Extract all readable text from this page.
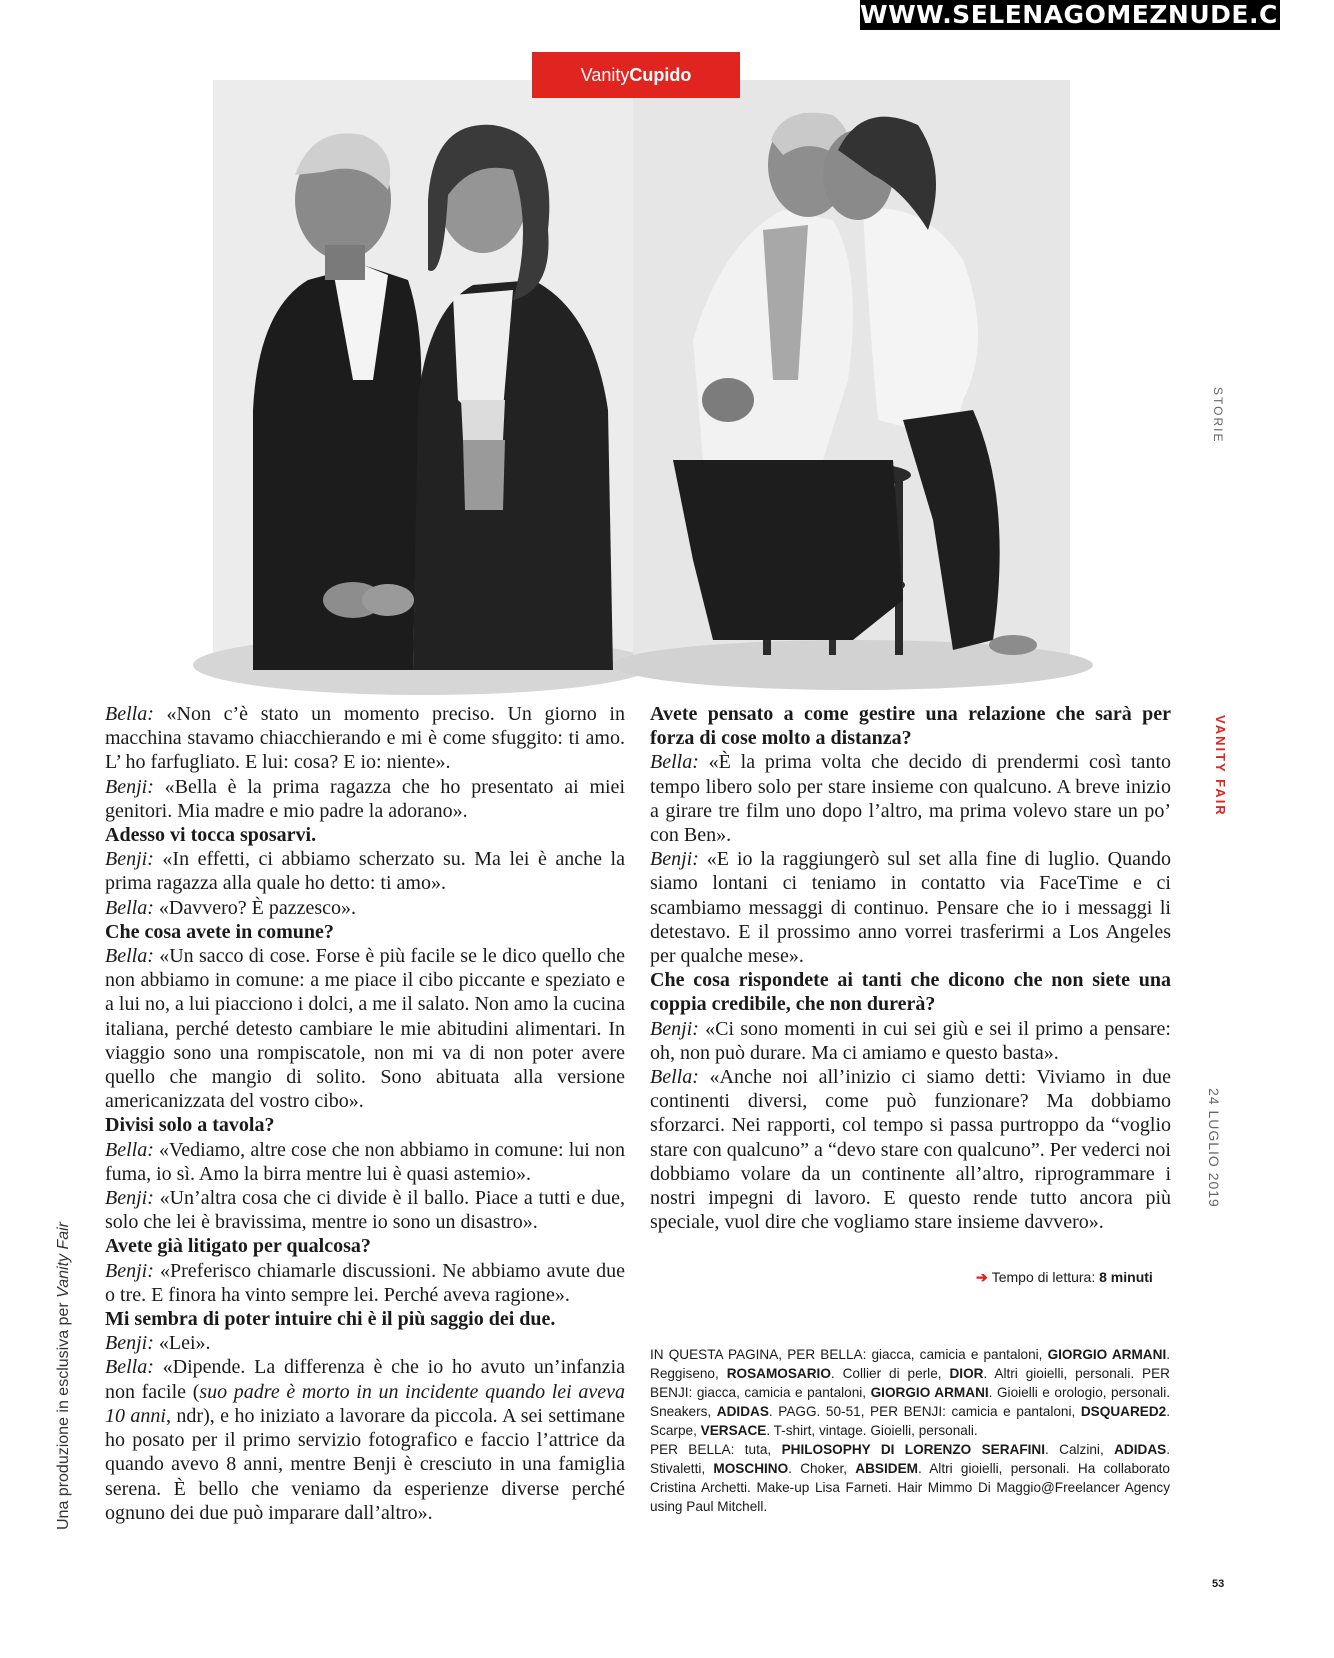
WWW.SELENAGOMEZNUDE.CLUB
VanityCupido
STORIE
VANITY FAIR
24 LUGLIO 2019
Una produzione in esclusiva per Vanity Fair

Bella: «Non c’è stato un momento preciso. Un giorno in macchina stavamo chiacchierando e mi è come sfuggito: ti amo. L’ ho farfugliato. E lui: cosa? E io: niente».

Benji: «Bella è la prima ragazza che ho presentato ai miei genitori. Mia madre e mio padre la adorano».

Adesso vi tocca sposarvi.

Benji: «In effetti, ci abbiamo scherzato su. Ma lei è anche la prima ragazza alla quale ho detto: ti amo».

Bella: «Davvero? È pazzesco».

Che cosa avete in comune?

Bella: «Un sacco di cose. Forse è più facile se le dico quello che non abbiamo in comune: a me piace il cibo piccante e speziato e a lui no, a lui piacciono i dolci, a me il salato. Non amo la cucina italiana, perché detesto cambiare le mie abitudini alimentari. In viaggio sono una rompiscatole, non mi va di non poter avere quello che mangio di solito. Sono abituata alla versione americanizzata del vostro cibo».

Divisi solo a tavola?

Bella: «Vediamo, altre cose che non abbiamo in comune: lui non fuma, io sì. Amo la birra mentre lui è quasi astemio».

Benji: «Un’altra cosa che ci divide è il ballo. Piace a tutti e due, solo che lei è bravissima, mentre io sono un disastro».

Avete già litigato per qualcosa?

Benji: «Preferisco chiamarle discussioni. Ne abbiamo avute due o tre. E finora ha vinto sempre lei. Perché aveva ragione».

Mi sembra di poter intuire chi è il più saggio dei due.

Benji: «Lei».

Bella: «Dipende. La differenza è che io ho avuto un’infanzia non facile (suo padre è morto in un incidente quando lei aveva 10 anni, ndr), e ho iniziato a lavorare da piccola. A sei settimane ho posato per il primo servizio fotografico e faccio l’attrice da quando avevo 8 anni, mentre Benji è cresciuto in una famiglia serena. È bello che veniamo da esperienze diverse perché ognuno dei due può imparare dall’altro».

Avete pensato a come gestire una relazione che sarà per forza di cose molto a distanza?

Bella: «È la prima volta che decido di prendermi così tanto tempo libero solo per stare insieme con qualcuno. A breve inizio a girare tre film uno dopo l’altro, ma prima volevo stare un po’ con Ben».

Benji: «E io la raggiungerò sul set alla fine di luglio. Quando siamo lontani ci teniamo in contatto via FaceTime e ci scambiamo messaggi di continuo. Pensare che io i messaggi li detestavo. E il prossimo anno vorrei trasferirmi a Los Angeles per qualche mese».

Che cosa rispondete ai tanti che dicono che non siete una coppia credibile, che non durerà?

Benji: «Ci sono momenti in cui sei giù e sei il primo a pensare: oh, non può durare. Ma ci amiamo e questo basta».

Bella: «Anche noi all’inizio ci siamo detti: Viviamo in due continenti diversi, come può funzionare? Ma dobbiamo sforzarci. Nei rapporti, col tempo si passa purtroppo da “voglio stare con qualcuno” a “devo stare con qualcuno”. Per vederci noi dobbiamo volare da un continente all’altro, riprogrammare i nostri impegni di lavoro. E questo rende tutto ancora più speciale, vuol dire che vogliamo stare insieme davvero».

➔ Tempo di lettura: 8 minuti

IN QUESTA PAGINA, PER BELLA: giacca, camicia e pantaloni, GIORGIO ARMANI. Reggiseno, ROSAMOSARIO. Collier di perle, DIOR. Altri gioielli, personali. PER BENJI: giacca, camicia e pantaloni, GIORGIO ARMANI. Gioielli e orologio, personali. Sneakers, ADIDAS. PAGG. 50-51, PER BENJI: camicia e pantaloni, DSQUARED2. Scarpe, VERSACE. T-shirt, vintage. Gioielli, personali.

PER BELLA: tuta, PHILOSOPHY DI LORENZO SERAFINI. Calzini, ADIDAS. Stivaletti, MOSCHINO. Choker, ABSIDEM. Altri gioielli, personali. Ha collaborato Cristina Archetti. Make-up Lisa Farneti. Hair Mimmo Di Maggio@Freelancer Agency using Paul Mitchell.

53
